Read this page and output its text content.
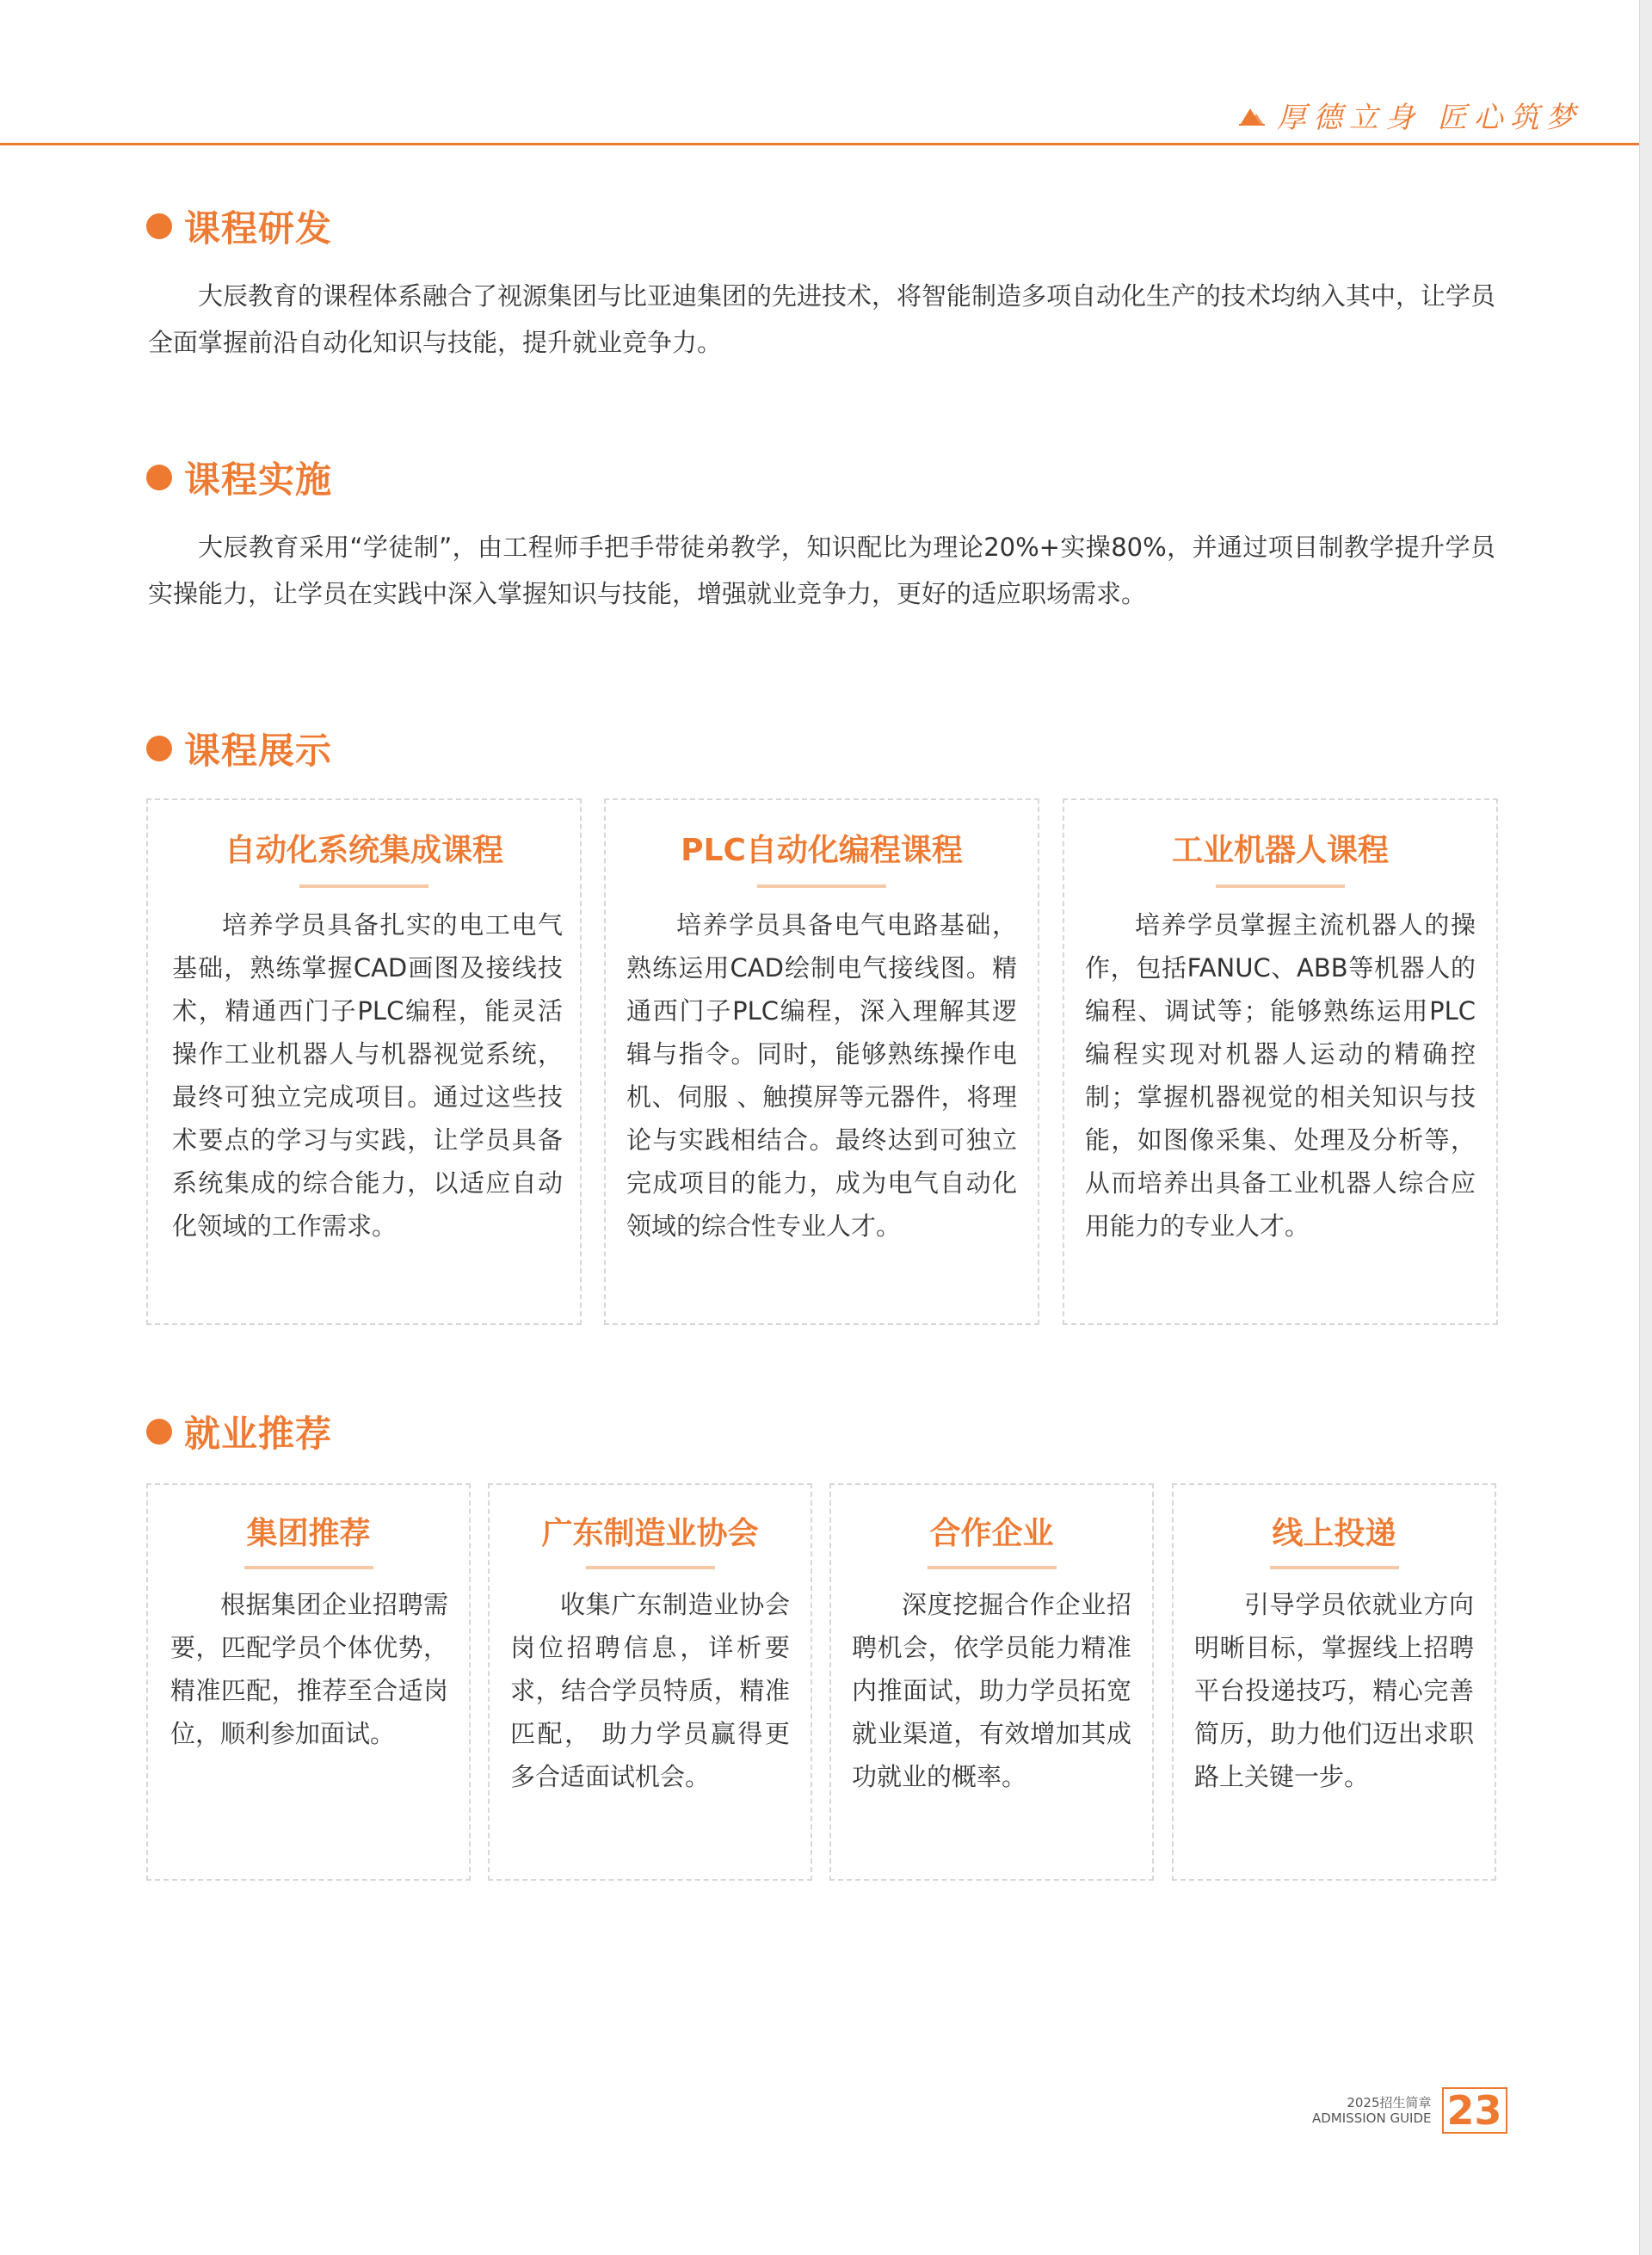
厚德立身 匠心筑梦
课程研发

大辰教育的课程体系融合了视源集团与比亚迪集团的先进技术，将智能制造多项自动化生产的技术均纳入其中，让学员全面掌握前沿自动化知识与技能，提升就业竞争力。

课程实施

大辰教育采用“学徒制”，由工程师手把手带徒弟教学，知识配比为理论20%+实操80%，并通过项目制教学提升学员实操能力，让学员在实践中深入掌握知识与技能，增强就业竞争力，更好的适应职场需求。

课程展示
自动化系统集成课程

培养学员具备扎实的电工电气基础，熟练掌握CAD画图及接线技术，精通西门子PLC编程，能灵活操作工业机器人与机器视觉系统，最终可独立完成项目。通过这些技术要点的学习与实践，让学员具备系统集成的综合能力，以适应自动化领域的工作需求。

PLC自动化编程课程

培养学员具备电气电路基础，熟练运用CAD绘制电气接线图。精通西门子PLC编程，深入理解其逻辑与指令。同时，能够熟练操作电机、伺服 、触摸屏等元器件，将理论与实践相结合。最终达到可独立完成项目的能力，成为电气自动化领域的综合性专业人才。

工业机器人课程

培养学员掌握主流机器人的操作，包括FANUC、ABB等机器人的编程、调试等；能够熟练运用PLC编程实现对机器人运动的精确控制；掌握机器视觉的相关知识与技能，如图像采集、处理及分析等，从而培养出具备工业机器人综合应用能力的专业人才。

就业推荐
集团推荐

根据集团企业招聘需要，匹配学员个体优势，精准匹配，推荐至合适岗位，顺利参加面试。

广东制造业协会

收集广东制造业协会岗位招聘信息，详析要求，结合学员特质，精准匹配， 助力学员赢得更多合适面试机会。

合作企业

深度挖掘合作企业招聘机会，依学员能力精准内推面试，助力学员拓宽就业渠道，有效增加其成功就业的概率。

线上投递

引导学员依就业方向明晰目标，掌握线上招聘平台投递技巧，精心完善简历，助力他们迈出求职路上关键一步。

2025招生简章
ADMISSION GUIDE 23
